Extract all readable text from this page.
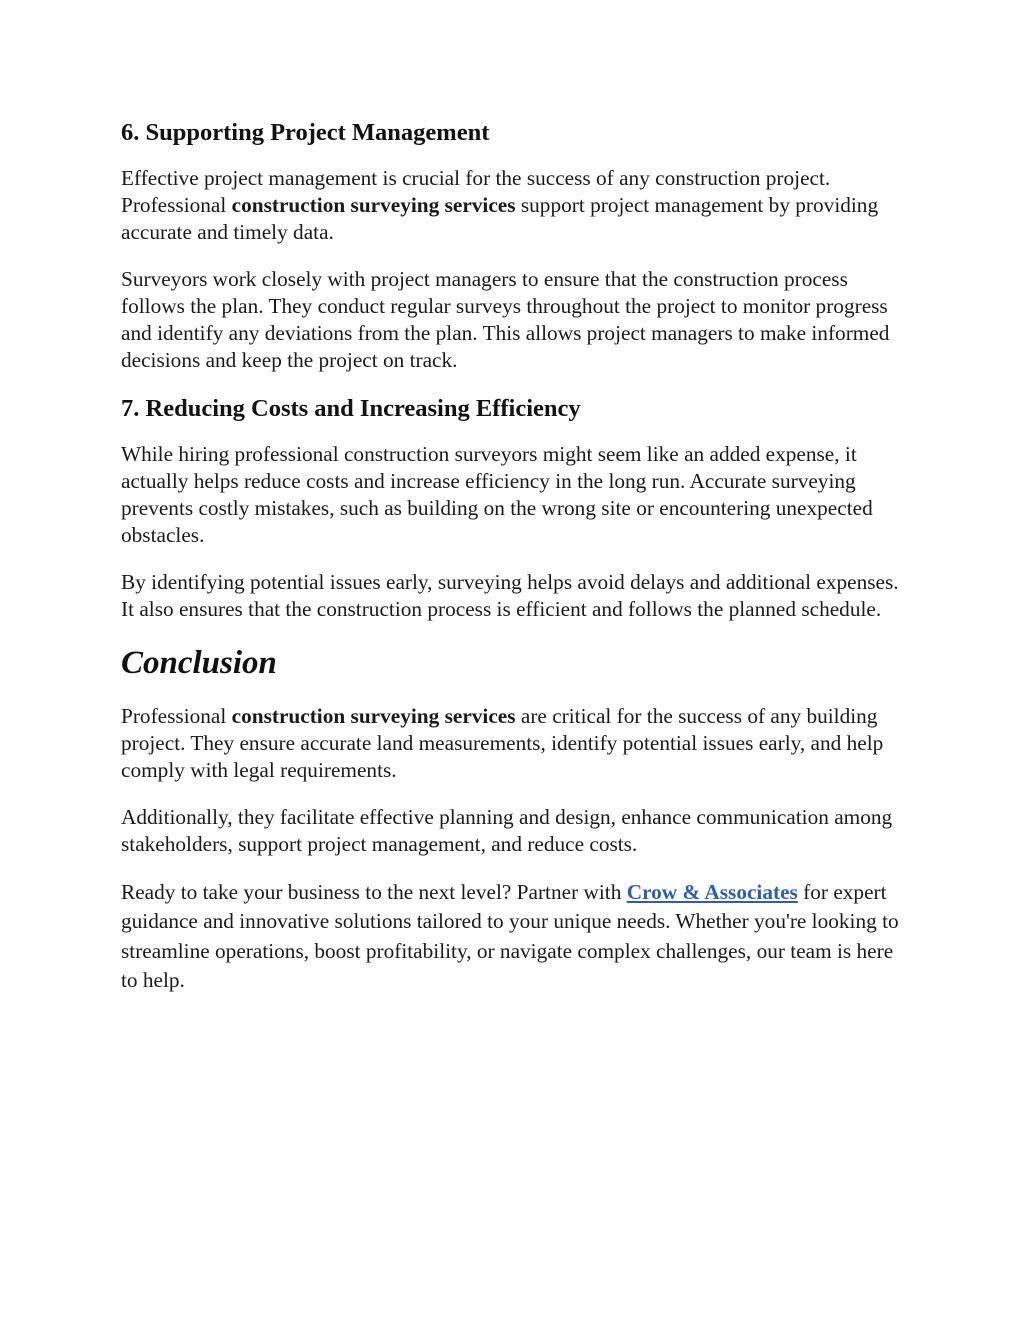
6. Supporting Project Management

Effective project management is crucial for the success of any construction project. Professional construction surveying services support project management by providing accurate and timely data.

Surveyors work closely with project managers to ensure that the construction process follows the plan. They conduct regular surveys throughout the project to monitor progress and identify any deviations from the plan. This allows project managers to make informed decisions and keep the project on track.

7. Reducing Costs and Increasing Efficiency

While hiring professional construction surveyors might seem like an added expense, it actually helps reduce costs and increase efficiency in the long run. Accurate surveying prevents costly mistakes, such as building on the wrong site or encountering unexpected obstacles.

By identifying potential issues early, surveying helps avoid delays and additional expenses. It also ensures that the construction process is efficient and follows the planned schedule.

Conclusion

Professional construction surveying services are critical for the success of any building project. They ensure accurate land measurements, identify potential issues early, and help comply with legal requirements.

Additionally, they facilitate effective planning and design, enhance communication among stakeholders, support project management, and reduce costs.

Ready to take your business to the next level? Partner with Crow & Associates for expert guidance and innovative solutions tailored to your unique needs. Whether you're looking to streamline operations, boost profitability, or navigate complex challenges, our team is here to help.
